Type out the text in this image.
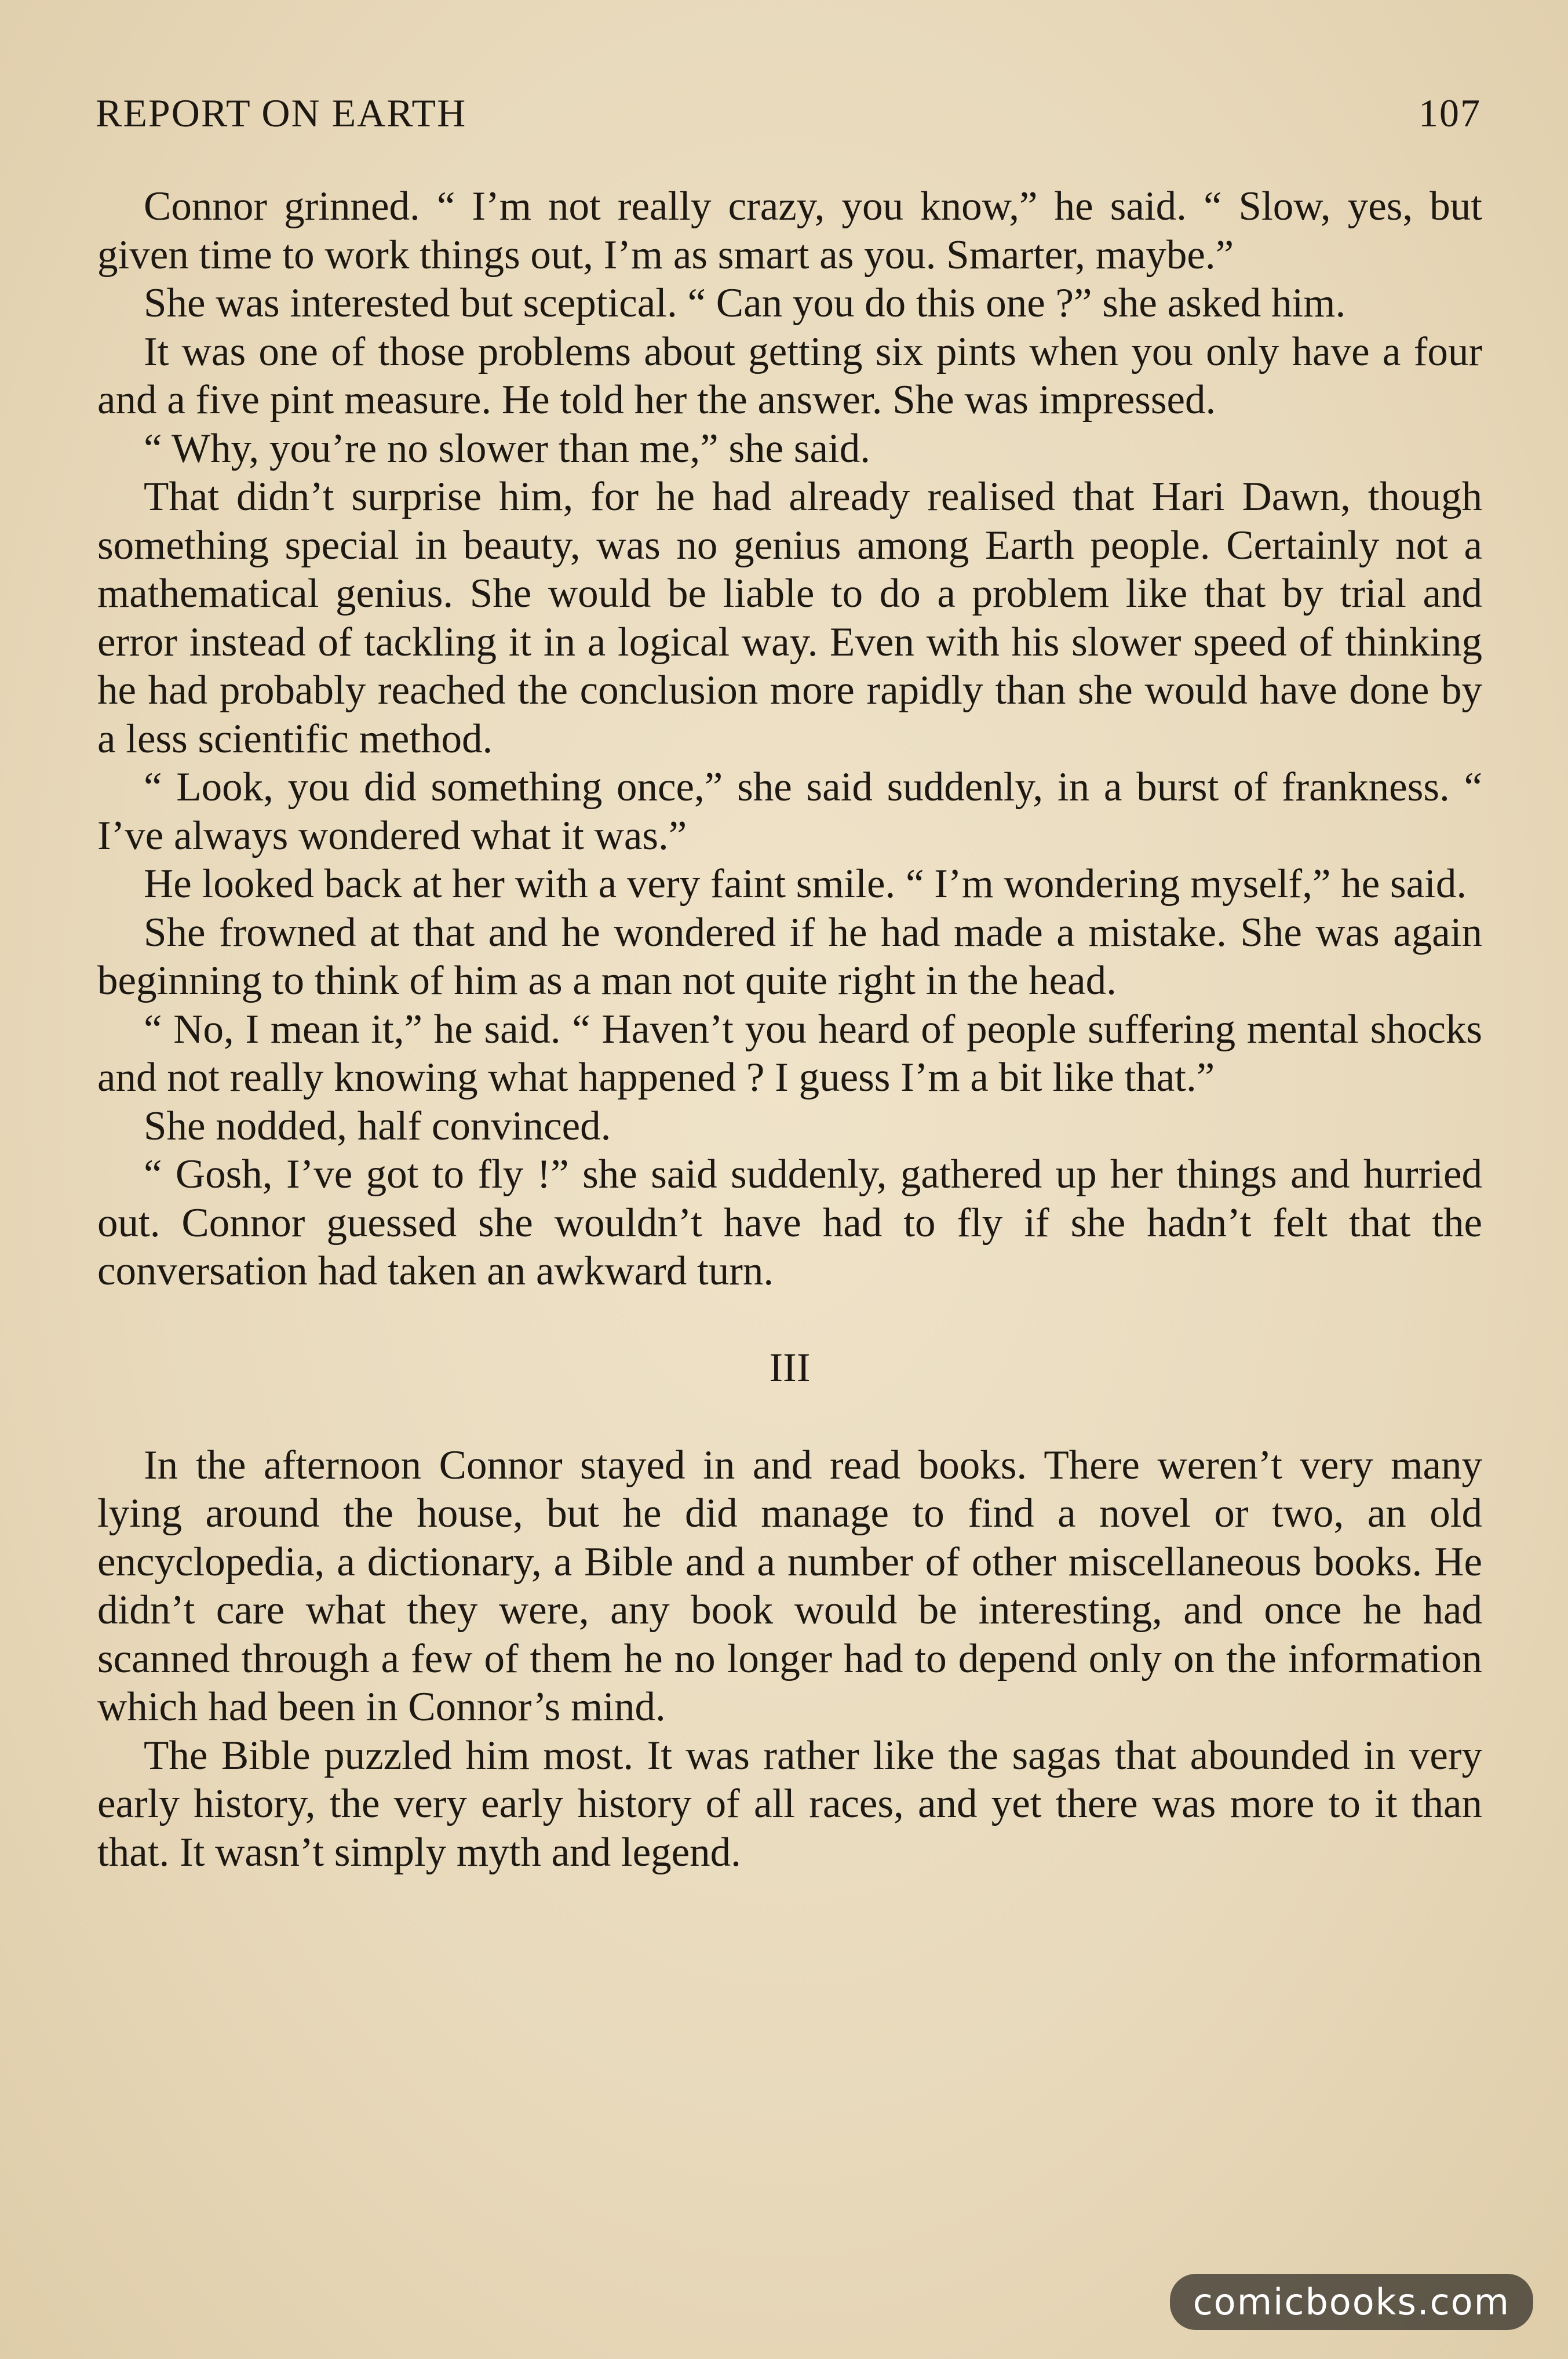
REPORT ON EARTH	107

Connor grinned. “ I’m not really crazy, you know,” he said. “ Slow, yes, but given time to work things out, I’m as smart as you. Smarter, maybe.”

She was interested but sceptical. “ Can you do this one ?” she asked him.

It was one of those problems about getting six pints when you only have a four and a five pint measure. He told her the answer. She was impressed.

“ Why, you’re no slower than me,” she said.

That didn’t surprise him, for he had already realised that Hari Dawn, though something special in beauty, was no genius among Earth people. Certainly not a mathematical genius. She would be liable to do a problem like that by trial and error instead of tackling it in a logical way. Even with his slower speed of thinking he had probably reached the conclusion more rapidly than she would have done by a less scientific method.

“ Look, you did something once,” she said suddenly, in a burst of frankness. “ I’ve always wondered what it was.”

He looked back at her with a very faint smile. “ I’m wondering myself,” he said.

She frowned at that and he wondered if he had made a mistake. She was again beginning to think of him as a man not quite right in the head.

“ No, I mean it,” he said. “ Haven’t you heard of people suffering mental shocks and not really knowing what happened ? I guess I’m a bit like that.”

She nodded, half convinced.

“ Gosh, I’ve got to fly !” she said suddenly, gathered up her things and hurried out. Connor guessed she wouldn’t have had to fly if she hadn’t felt that the conversation had taken an awkward turn.

III

In the afternoon Connor stayed in and read books. There weren’t very many lying around the house, but he did manage to find a novel or two, an old encyclopedia, a dictionary, a Bible and a number of other miscellaneous books. He didn’t care what they were, any book would be interesting, and once he had scanned through a few of them he no longer had to depend only on the information which had been in Connor’s mind.

The Bible puzzled him most. It was rather like the sagas that abounded in very early history, the very early history of all races, and yet there was more to it than that. It wasn’t simply myth and legend.

comicbooks.com
